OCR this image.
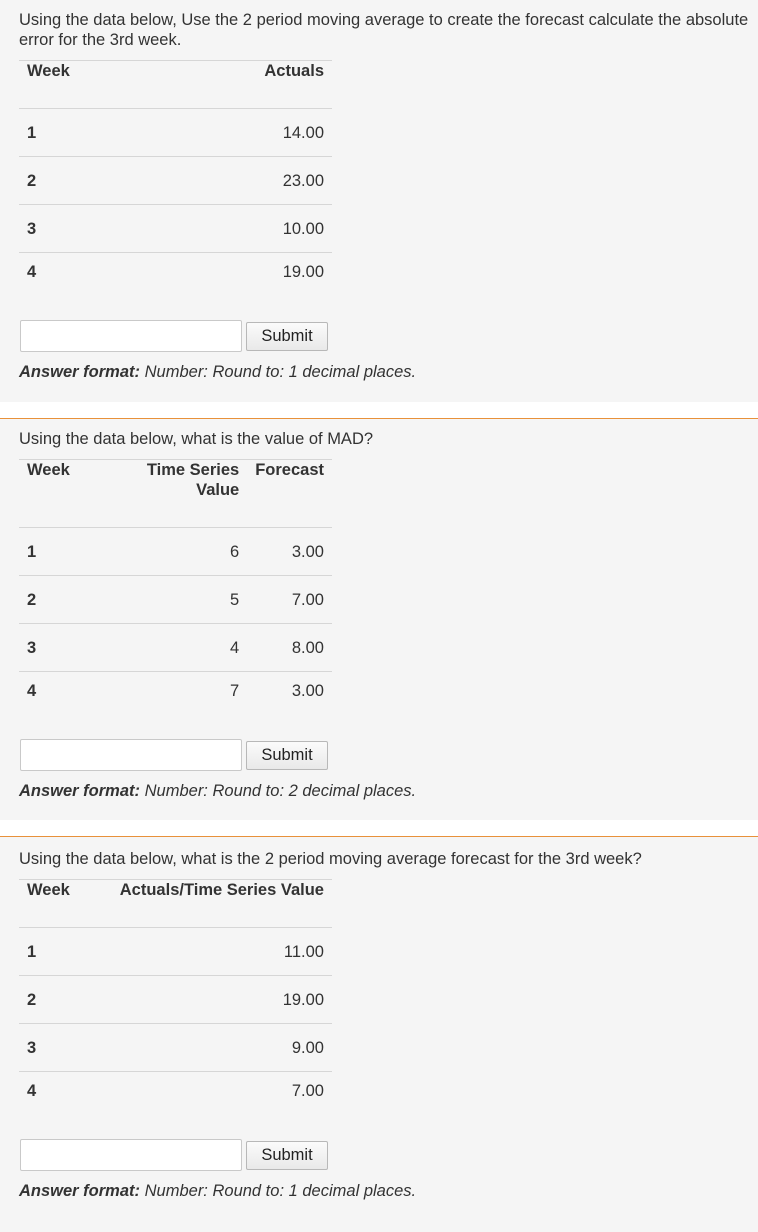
Using the data below, Use the 2 period moving average to create the forecast calculate the absolute error for the 3rd week.
Week	Actuals
1	14.00
2	23.00
3	10.00
4	19.00
Submit
Answer format: Number: Round to: 1 decimal places.
Using the data below, what is the value of MAD?
Week	Time Series Value	Forecast
1	6	3.00
2	5	7.00
3	4	8.00
4	7	3.00
Submit
Answer format: Number: Round to: 2 decimal places.
Using the data below, what is the 2 period moving average forecast for the 3rd week?
Week	Actuals/Time Series Value
1	11.00
2	19.00
3	9.00
4	7.00
Submit
Answer format: Number: Round to: 1 decimal places.
